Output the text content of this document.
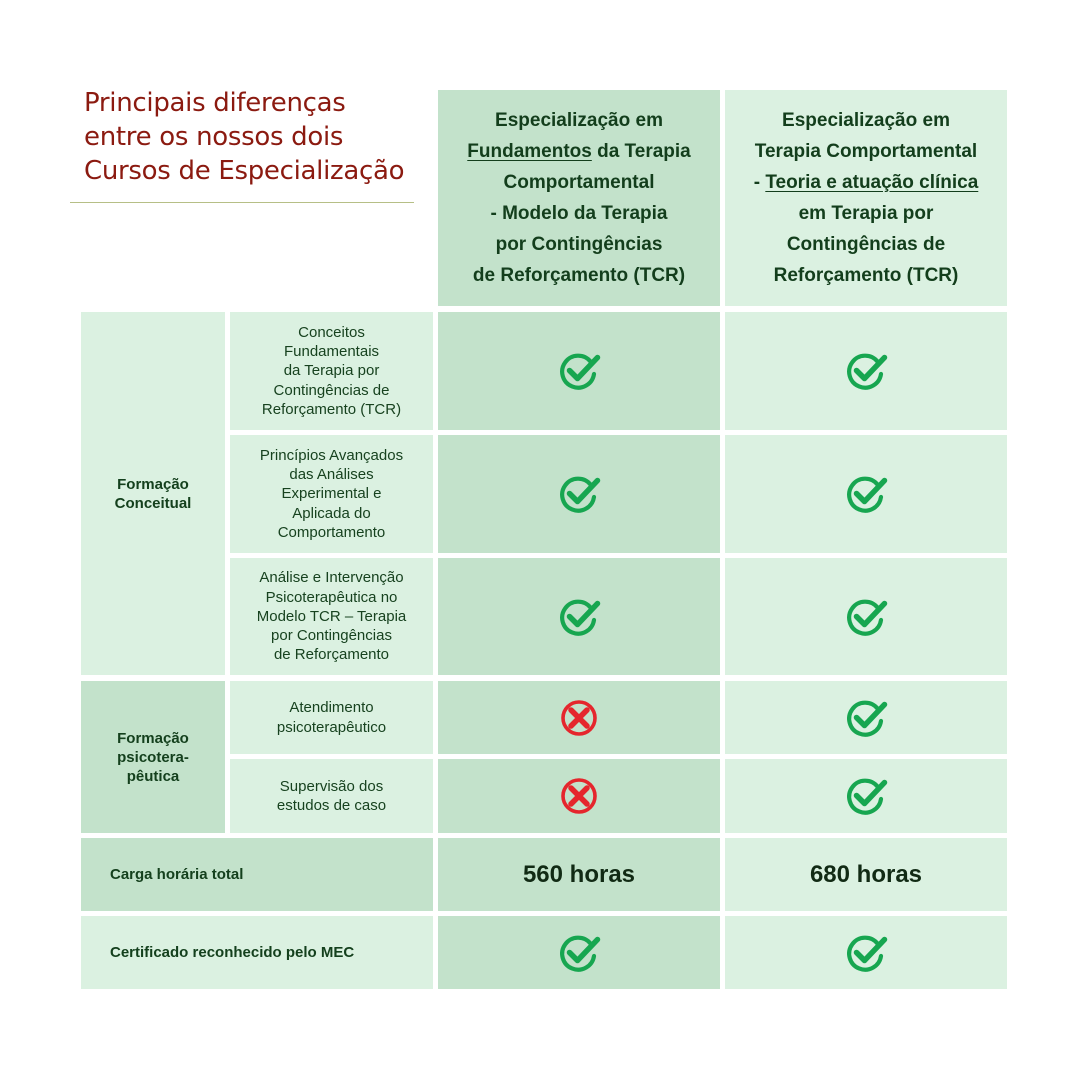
Principais diferenças
entre os nossos dois
Cursos de Especialização
Especialização em
Fundamentos da Terapia
Comportamental
- Modelo da Terapia
por Contingências
de Reforçamento (TCR)
Especialização em
Terapia Comportamental
- Teoria e atuação clínica
em Terapia por
Contingências de
Reforçamento (TCR)
Formação
Conceitual
Formação
psicotera-
pêutica
Conceitos
Fundamentais
da Terapia por
Contingências de
Reforçamento (TCR)
Princípios Avançados
das Análises
Experimental e
Aplicada do
Comportamento
Análise e Intervenção
Psicoterapêutica no
Modelo TCR – Terapia
por Contingências
de Reforçamento
Atendimento
psicoterapêutico
Supervisão dos
estudos de caso
Carga horária total	560 horas	680 horas
Certificado reconhecido pelo MEC
